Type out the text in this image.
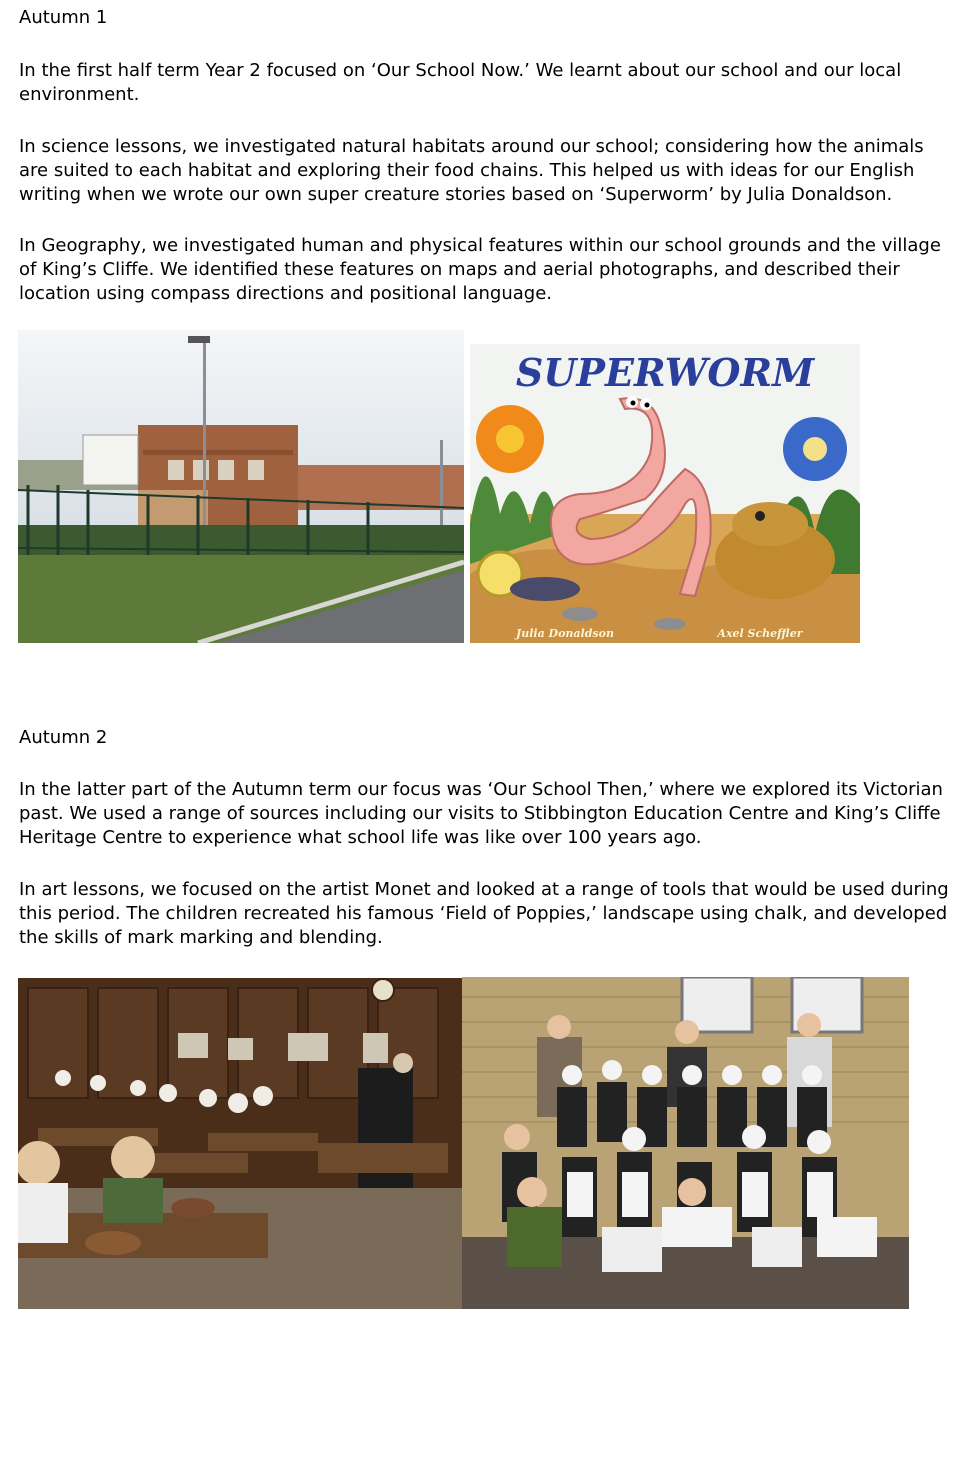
Autumn 1
In the first half term Year 2 focused on ‘Our School Now.’ We learnt about our school and our local environment.
In science lessons, we investigated natural habitats around our school; considering how the animals are suited to each habitat and exploring their food chains. This helped us with ideas for our English writing when we wrote our own super creature stories based on ‘Superworm’ by Julia Donaldson.
In Geography, we investigated human and physical features within our school grounds and the village of King’s Cliffe. We identified these features on maps and aerial photographs, and described their location using compass directions and positional language.
SUPERWORM
Julia Donaldson	Axel Scheffler
Autumn 2
In the latter part of the Autumn term our focus was ‘Our School Then,’ where we explored its Victorian past. We used a range of sources including our visits to Stibbington Education Centre and King’s Cliffe Heritage Centre to experience what school life was like over 100 years ago.
In art lessons, we focused on the artist Monet and looked at a range of tools that would be used during this period. The children recreated his famous ‘Field of Poppies,’ landscape using chalk, and developed the skills of mark marking and blending.
